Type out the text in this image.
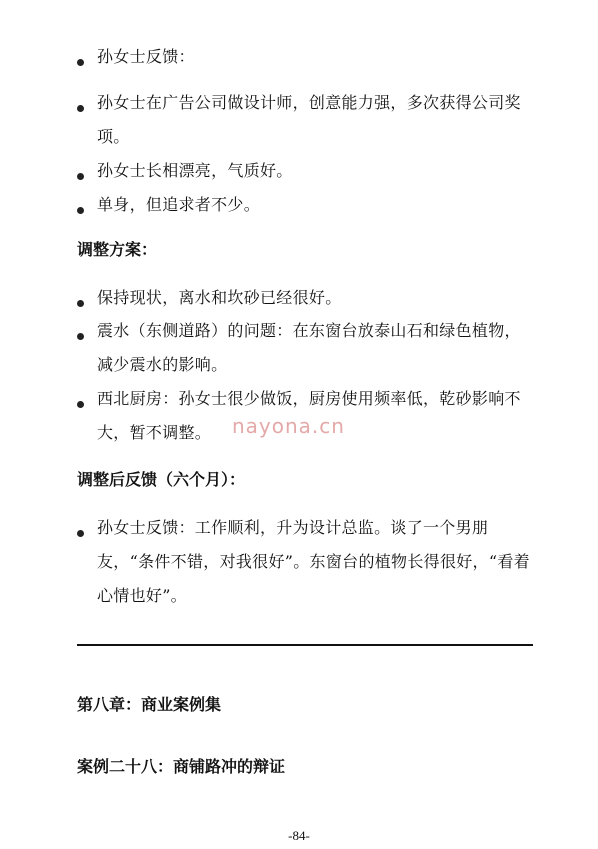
孙女士反馈：
孙女士在广告公司做设计师，创意能力强，多次获得公司奖项。
孙女士长相漂亮，气质好。
单身，但追求者不少。
调整方案：
保持现状，离水和坎砂已经很好。
震水（东侧道路）的问题：在东窗台放泰山石和绿色植物，减少震水的影响。
西北厨房：孙女士很少做饭，厨房使用频率低，乾砂影响不大，暂不调整。	nayona.cn
调整后反馈（六个月）：
孙女士反馈：工作顺利，升为设计总监。谈了一个男朋友，“条件不错，对我很好”。东窗台的植物长得很好，“看着心情也好”。
第八章：商业案例集
案例二十八：商铺路冲的辩证
-84-
